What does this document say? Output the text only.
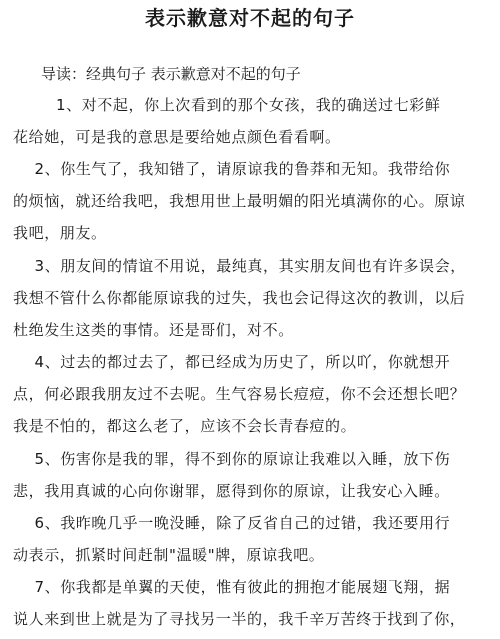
表示歉意对不起的句子
导读：经典句子 表示歉意对不起的句子
1、对不起，你上次看到的那个女孩，我的确送过七彩鲜
花给她，可是我的意思是要给她点颜色看看啊。
2、你生气了，我知错了，请原谅我的鲁莽和无知。我带给你
的烦恼，就还给我吧，我想用世上最明媚的阳光填满你的心。原谅
我吧，朋友。
3、朋友间的情谊不用说，最纯真，其实朋友间也有许多误会，
我想不管什么你都能原谅我的过失，我也会记得这次的教训，以后
杜绝发生这类的事情。还是哥们，对不。
4、过去的都过去了，都已经成为历史了，所以吖，你就想开
点，何必跟我朋友过不去呢。生气容易长痘痘，你不会还想长吧？
我是不怕的，都这么老了，应该不会长青春痘的。
5、伤害你是我的罪，得不到你的原谅让我难以入睡，放下伤
悲，我用真诚的心向你谢罪，愿得到你的原谅，让我安心入睡。
6、我昨晚几乎一晚没睡，除了反省自己的过错，我还要用行
动表示，抓紧时间赶制"温暖"牌，原谅我吧。
7、你我都是单翼的天使，惟有彼此的拥抱才能展翅飞翔，据
说人来到世上就是为了寻找另一半的，我千辛万苦终于找到了你，
